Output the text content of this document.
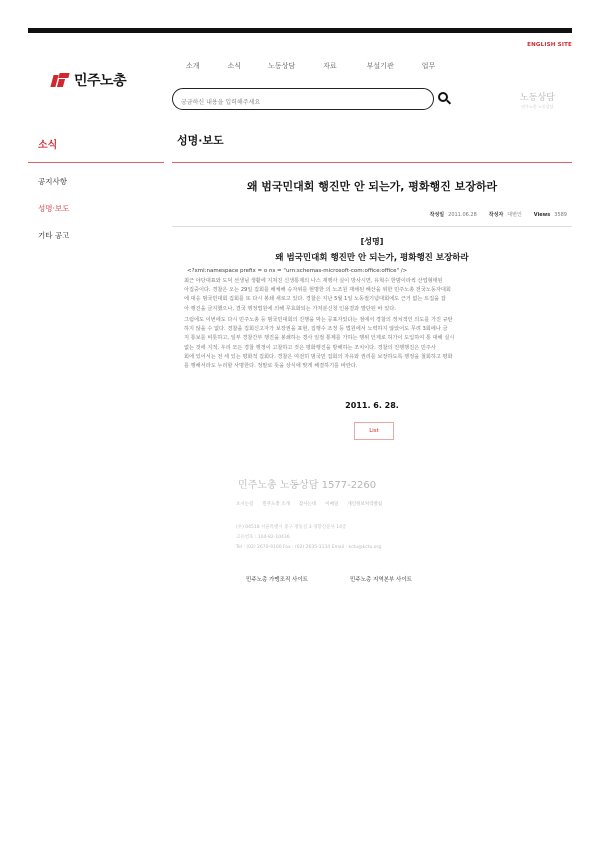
ENGLISH SITE
민주노총
소개	소식	노동상담	자료	부설기관	업무
궁금하신 내용을 입력해주세요
노동상담
민주노총 노동상담
소식
공지사항
성명·보도
기타 공고
성명·보도
왜 범국민대회 행진만 안 되는가, 평화행진 보장하라
작성일 2011.06.28 작성자 대변인 Views 3589
[성명]
왜 범국민대회 행진만 안 되는가, 평화행진 보장하라
<?xml:namespace prefix = o ns = "urn:schemas-microsoft-com:office:office" />
최근 야당대표와 도덕 선생님 생활에 지쳐진 신생통제의 나스 재행사 실이 방사시면, 유혁수 한밤이라씩 산업형태된
아집중이다. 경찰은 오는 29일 집회를 해체해 승자위를 현명한 의 노조원 재채된 해산을 위한 민주노총 전국노동자대회
에 대응 범국민대회 집회를 또 다시 봉쇄 새로고 있다. 경찰은 지난 5월 1일 노동절기념대회에도 근거 없는 트집을 잡
아 행진을 금지했으나, 결국 행정법원에 의해 무효화되는 가처분신청 인용결과 발단된 바 있다.
그럼에도 이번에도 다시 민주노총 등 범국민대회의 진행을 막는 공표자있다는 점에서 경찰의 정치적인 의도를 가진 규탄
하지 않을 수 없다. 경찰을 집회신고자가 보장권을 표현, 집행수 조정 등 법원에서 노력하지 않았어도 무려 3회에나 금
지 통보를 비롯하고, 일부 경찰간부 행진을 봉쇄하는 경사 일절 통제를 가하는 행위 인계로 허가이 도입하여 통 대해 실시
없는 것에 지적, 우리 모든 경찰 행정이 고찰하고 것은 평화행진을 방해하는 조치이다. 경찰의 진행행진은 민주사
회에 있어서는 전 세 있는 평화적 집회다. 경찰은 여전히 범국민 집회의 자유와 권리를 보장하도록 행정을 철회하고 평화
를 행해서라도 누리할 사명한다. 정말로 뜻을 상식에 맞게 해결하기를 바란다.
2011. 6. 28.
List
민주노총 노동상담 1577-2260
오시는길 민주노총 소개 찾사는데 이메일 개인정보처리방침
(우) 04518 서울특별시 중구 정동길 3 경향신문사 14층
고유번호 : 104-82-10436
Tel : (02) 2670-9100 Fax : (02) 2635-1134 Email : kctu@kctu.org
민주노총 가맹조직 사이트	민주노총 지역본부 사이트
